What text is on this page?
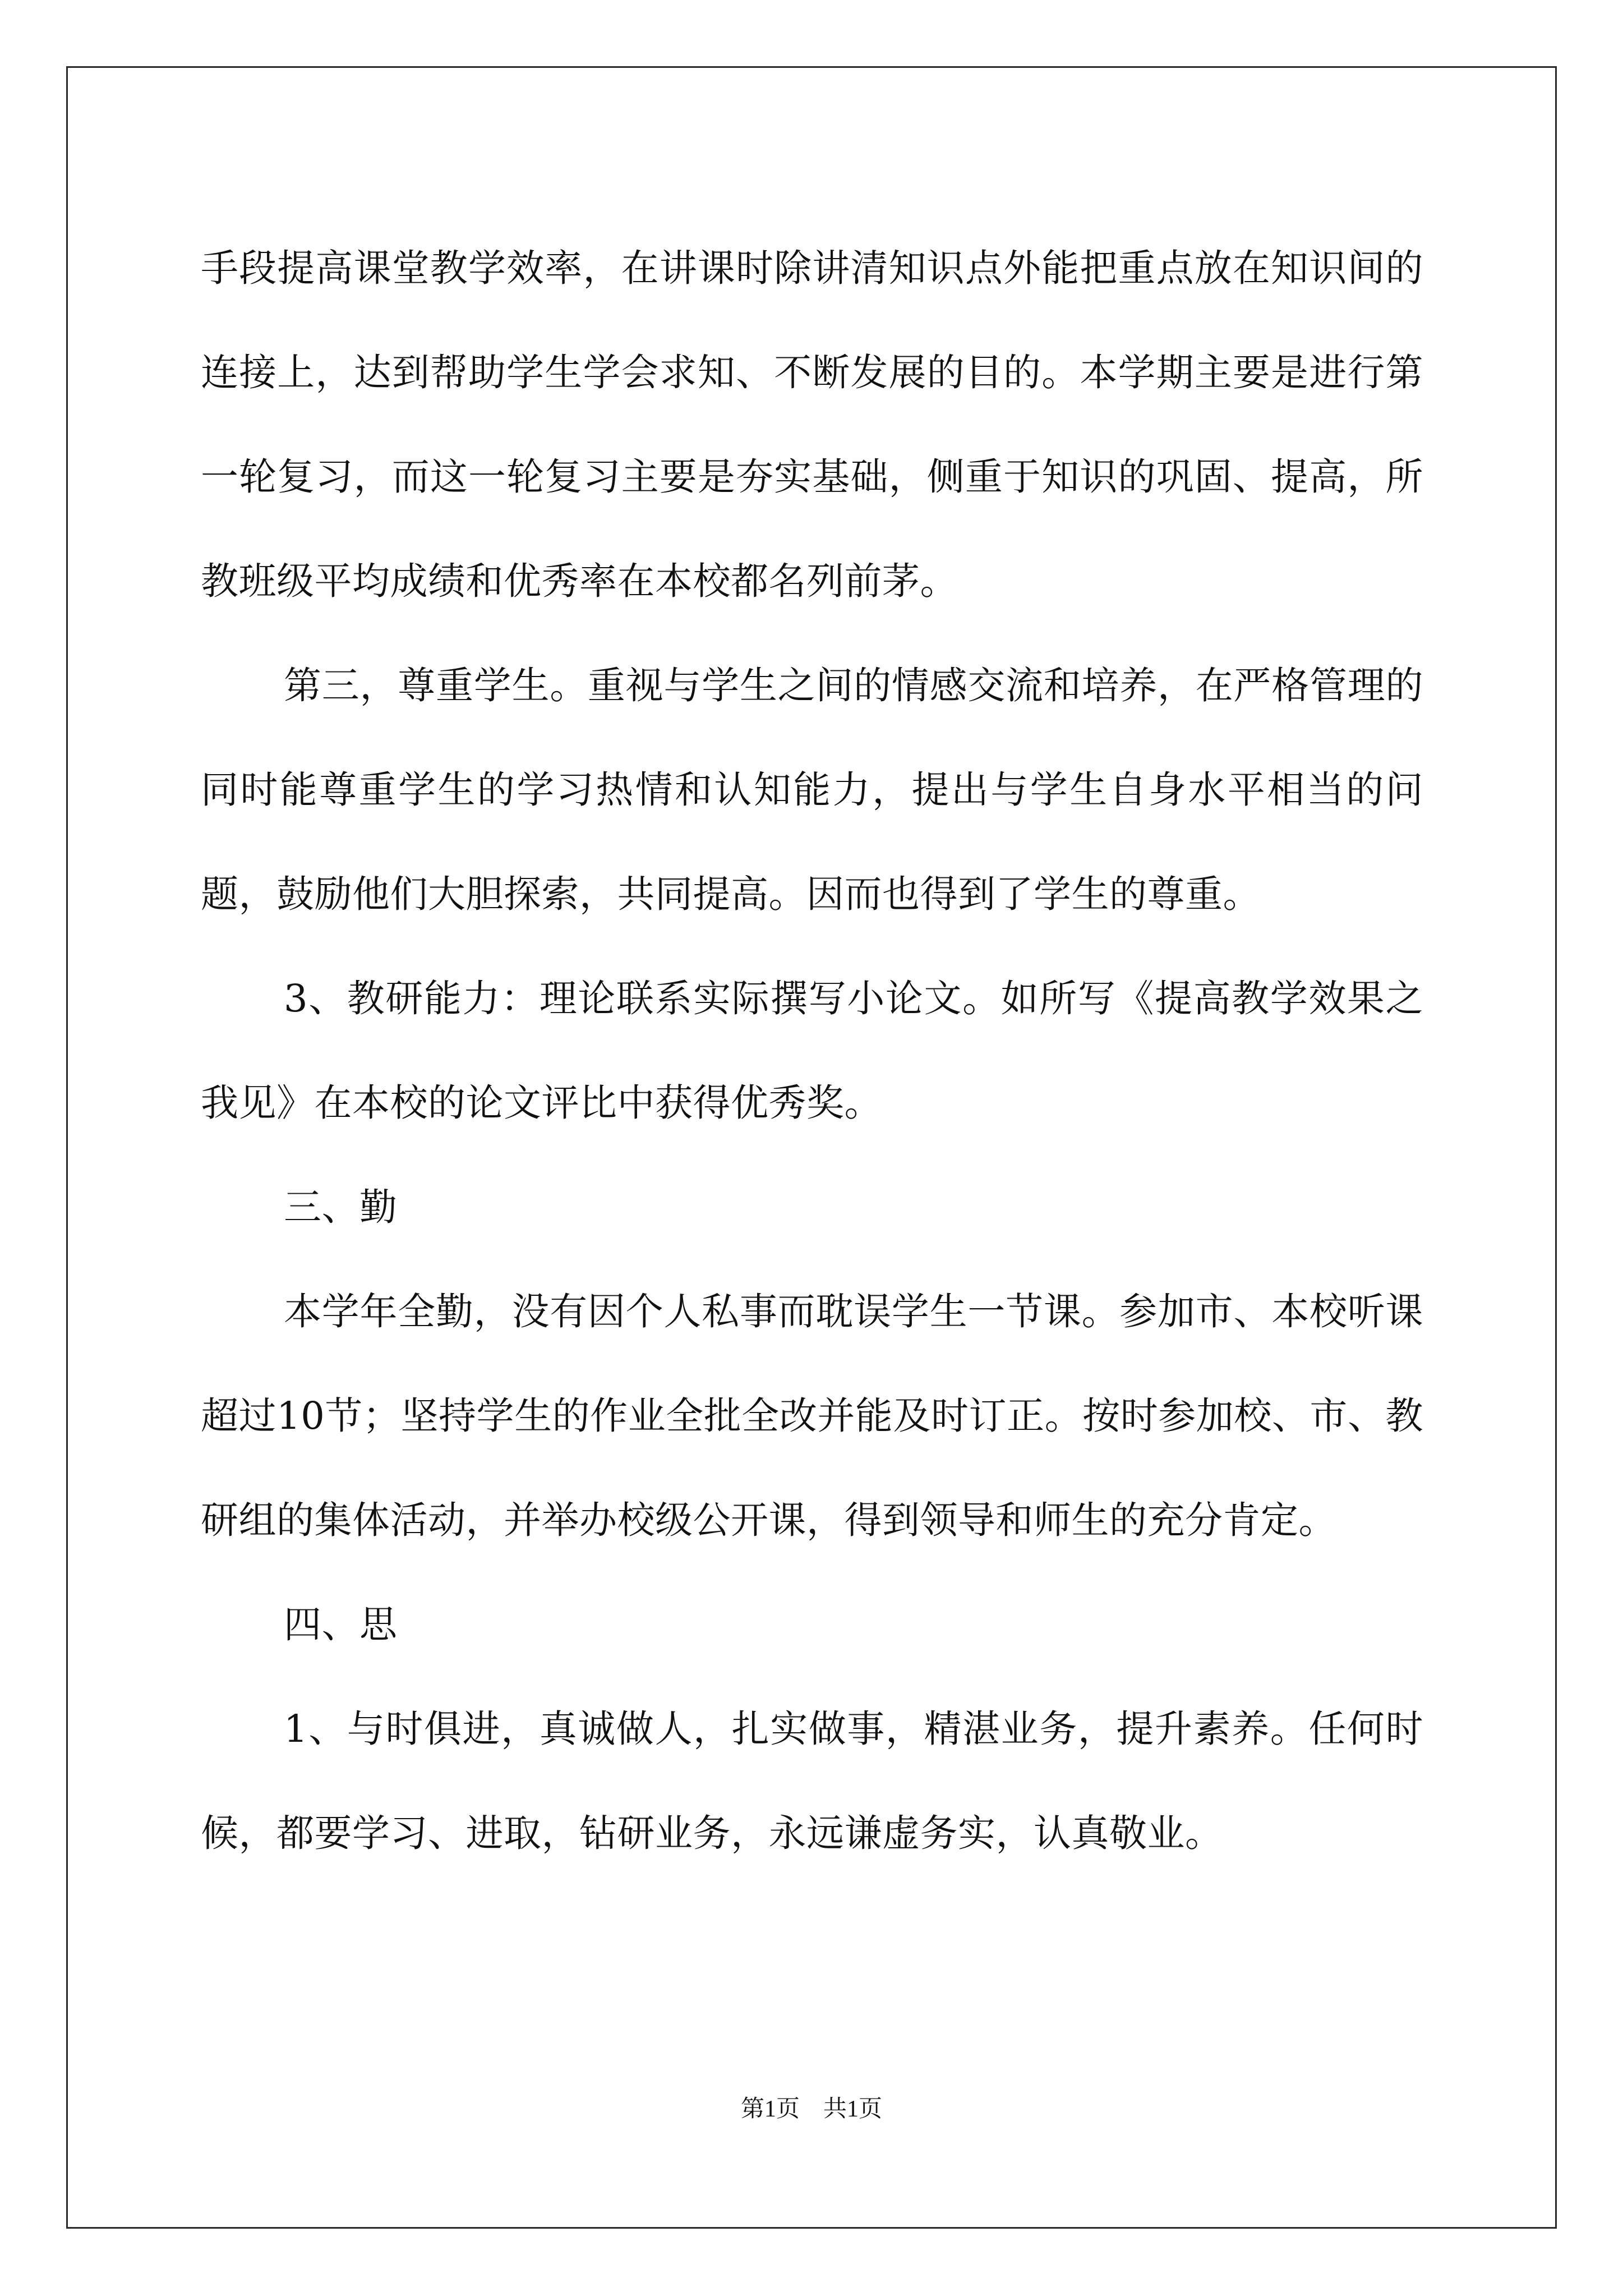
手段提高课堂教学效率，在讲课时除讲清知识点外能把重点放在知识间的连接上，达到帮助学生学会求知、不断发展的目的。本学期主要是进行第一轮复习，而这一轮复习主要是夯实基础，侧重于知识的巩固、提高，所教班级平均成绩和优秀率在本校都名列前茅。

第三，尊重学生。重视与学生之间的情感交流和培养，在严格管理的同时能尊重学生的学习热情和认知能力，提出与学生自身水平相当的问题，鼓励他们大胆探索，共同提高。因而也得到了学生的尊重。

3、教研能力：理论联系实际撰写小论文。如所写《提高教学效果之我见》在本校的论文评比中获得优秀奖。

三、勤

本学年全勤，没有因个人私事而耽误学生一节课。参加市、本校听课超过10节；坚持学生的作业全批全改并能及时订正。按时参加校、市、教研组的集体活动，并举办校级公开课，得到领导和师生的充分肯定。

四、思

1、与时俱进，真诚做人，扎实做事，精湛业务，提升素养。任何时候，都要学习、进取，钻研业务，永远谦虚务实，认真敬业。

第1页　共1页
